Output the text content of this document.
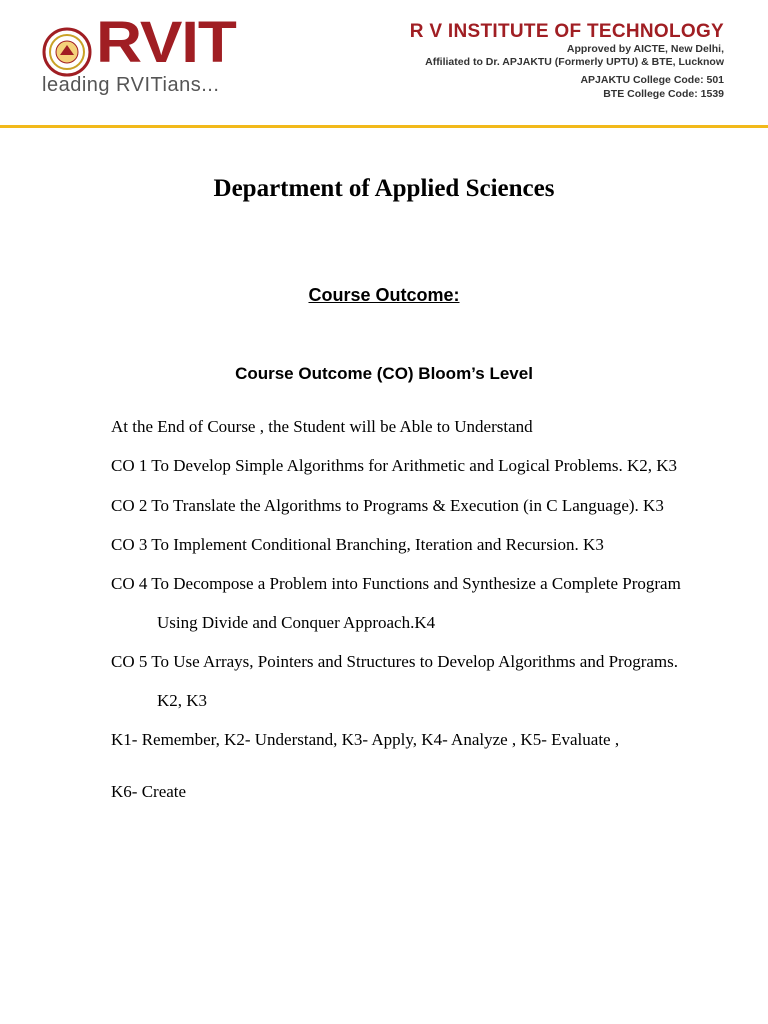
RVIT
leading RVITians...
R V INSTITUTE OF TECHNOLOGY
Approved by AICTE, New Delhi,
Affiliated to Dr. APJAKTU (Formerly UPTU) & BTE, Lucknow
APJAKTU College Code: 501
BTE College Code: 1539
Department of Applied Sciences
Course Outcome:
Course Outcome (CO) Bloom’s Level
At the End of Course , the Student will be Able to Understand
CO 1 To Develop Simple Algorithms for Arithmetic and Logical Problems. K2, K3
CO 2 To Translate the Algorithms to Programs & Execution (in C Language). K3
CO 3 To Implement Conditional Branching, Iteration and Recursion. K3
CO 4 To Decompose a Problem into Functions and Synthesize a Complete Program
Using Divide and Conquer Approach.K4
CO 5 To Use Arrays, Pointers and Structures to Develop Algorithms and Programs.
K2, K3
K1- Remember, K2- Understand, K3- Apply, K4- Analyze , K5- Evaluate ,
K6- Create
